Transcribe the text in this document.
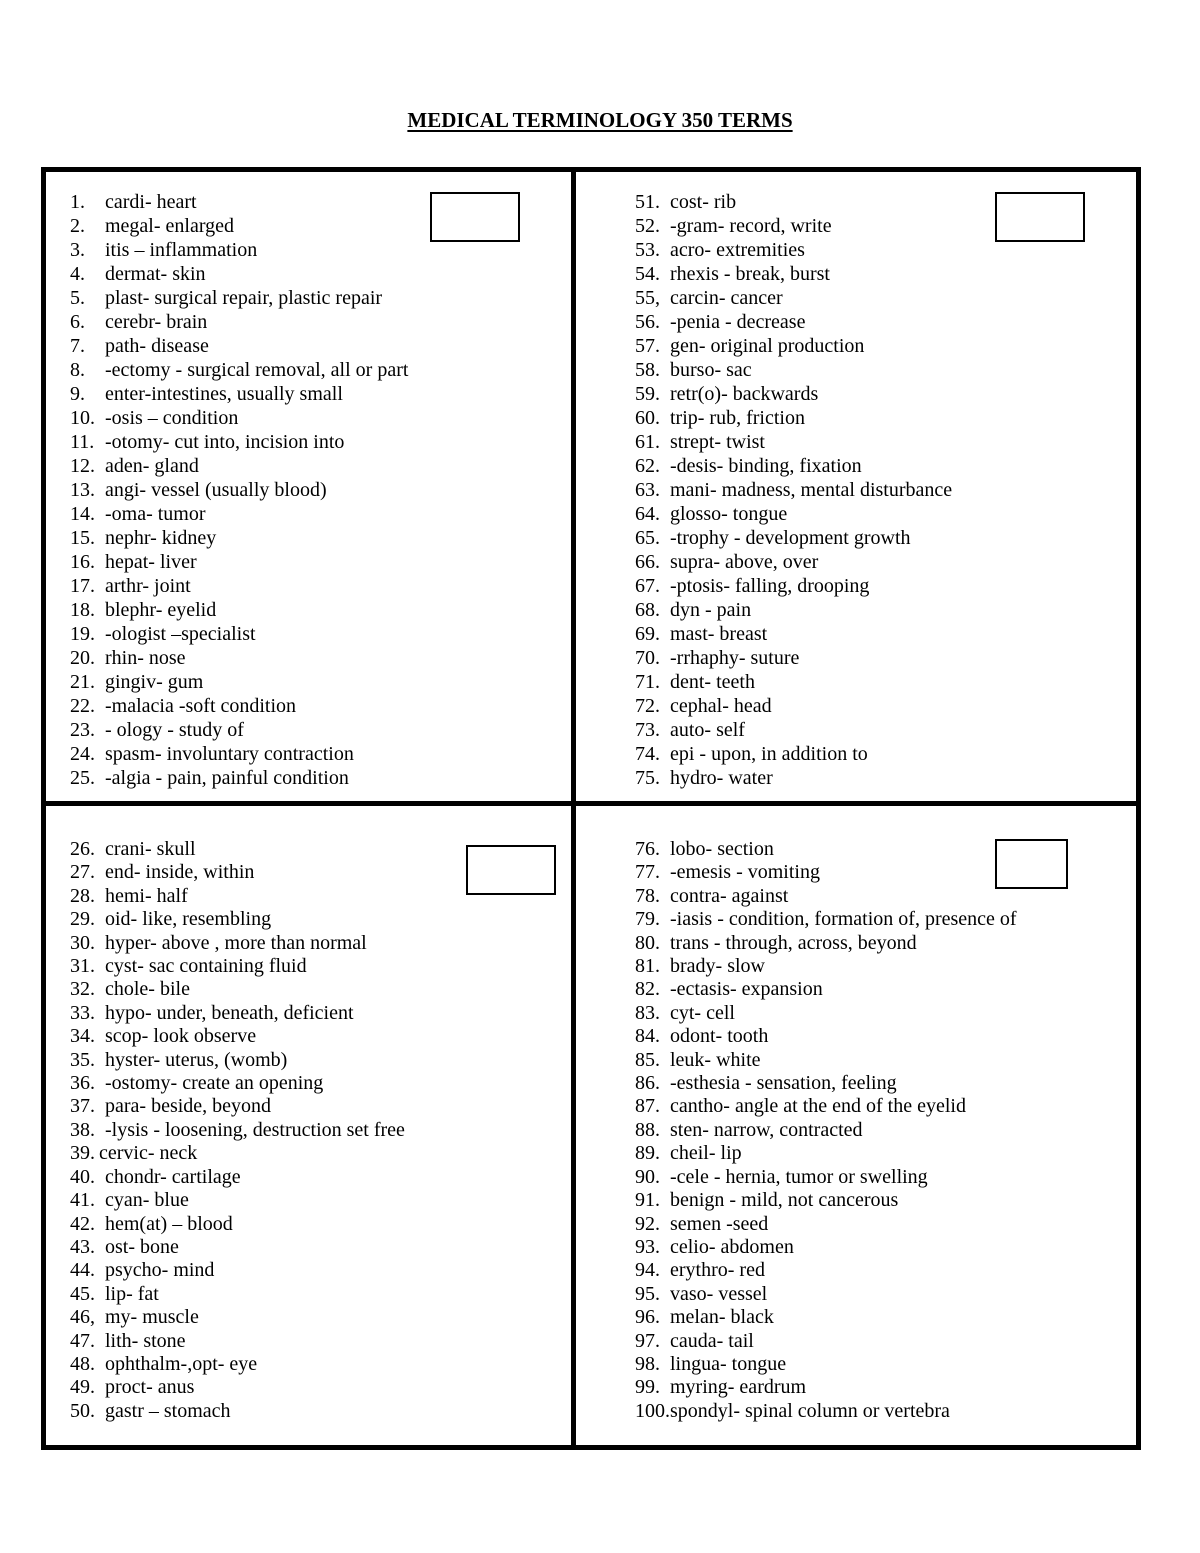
MEDICAL TERMINOLOGY 350 TERMS
1. cardi- heart
2. megal- enlarged
3. itis – inflammation
4. dermat- skin
5. plast- surgical repair, plastic repair
6. cerebr- brain
7. path- disease
8. -ectomy - surgical removal, all or part
9. enter-intestines, usually small
10. -osis – condition
11. -otomy- cut into, incision into
12. aden- gland
13. angi- vessel (usually blood)
14. -oma- tumor
15. nephr- kidney
16. hepat- liver
17. arthr- joint
18. blephr- eyelid
19. -ologist –specialist
20. rhin- nose
21. gingiv- gum
22. -malacia -soft condition
23. - ology - study of
24. spasm- involuntary contraction
25. -algia - pain, painful condition
51. cost- rib
52. -gram- record, write
53. acro- extremities
54. rhexis - break, burst
55, carcin- cancer
56. -penia - decrease
57. gen- original production
58. burso- sac
59. retr(o)- backwards
60. trip- rub, friction
61. strept- twist
62. -desis- binding, fixation
63. mani- madness, mental disturbance
64. glosso- tongue
65. -trophy - development growth
66. supra- above, over
67. -ptosis- falling, drooping
68. dyn - pain
69. mast- breast
70. -rrhaphy- suture
71. dent- teeth
72. cephal- head
73. auto- self
74. epi - upon, in addition to
75. hydro- water
26. crani- skull
27. end- inside, within
28. hemi- half
29. oid- like, resembling
30. hyper- above , more than normal
31. cyst- sac containing fluid
32. chole- bile
33. hypo- under, beneath, deficient
34. scop- look observe
35. hyster- uterus, (womb)
36. -ostomy- create an opening
37. para- beside, beyond
38. -lysis - loosening, destruction set free
39. cervic- neck
40. chondr- cartilage
41. cyan- blue
42. hem(at) – blood
43. ost- bone
44. psycho- mind
45. lip- fat
46, my- muscle
47. lith- stone
48. ophthalm-,opt- eye
49. proct- anus
50. gastr – stomach
76. lobo- section
77. -emesis - vomiting
78. contra- against
79. -iasis - condition, formation of, presence of
80. trans - through, across, beyond
81. brady- slow
82. -ectasis- expansion
83. cyt- cell
84. odont- tooth
85. leuk- white
86. -esthesia - sensation, feeling
87. cantho- angle at the end of the eyelid
88. sten- narrow, contracted
89. cheil- lip
90. -cele - hernia, tumor or swelling
91. benign - mild, not cancerous
92. semen -seed
93. celio- abdomen
94. erythro- red
95. vaso- vessel
96. melan- black
97. cauda- tail
98. lingua- tongue
99. myring- eardrum
100.spondyl- spinal column or vertebra
